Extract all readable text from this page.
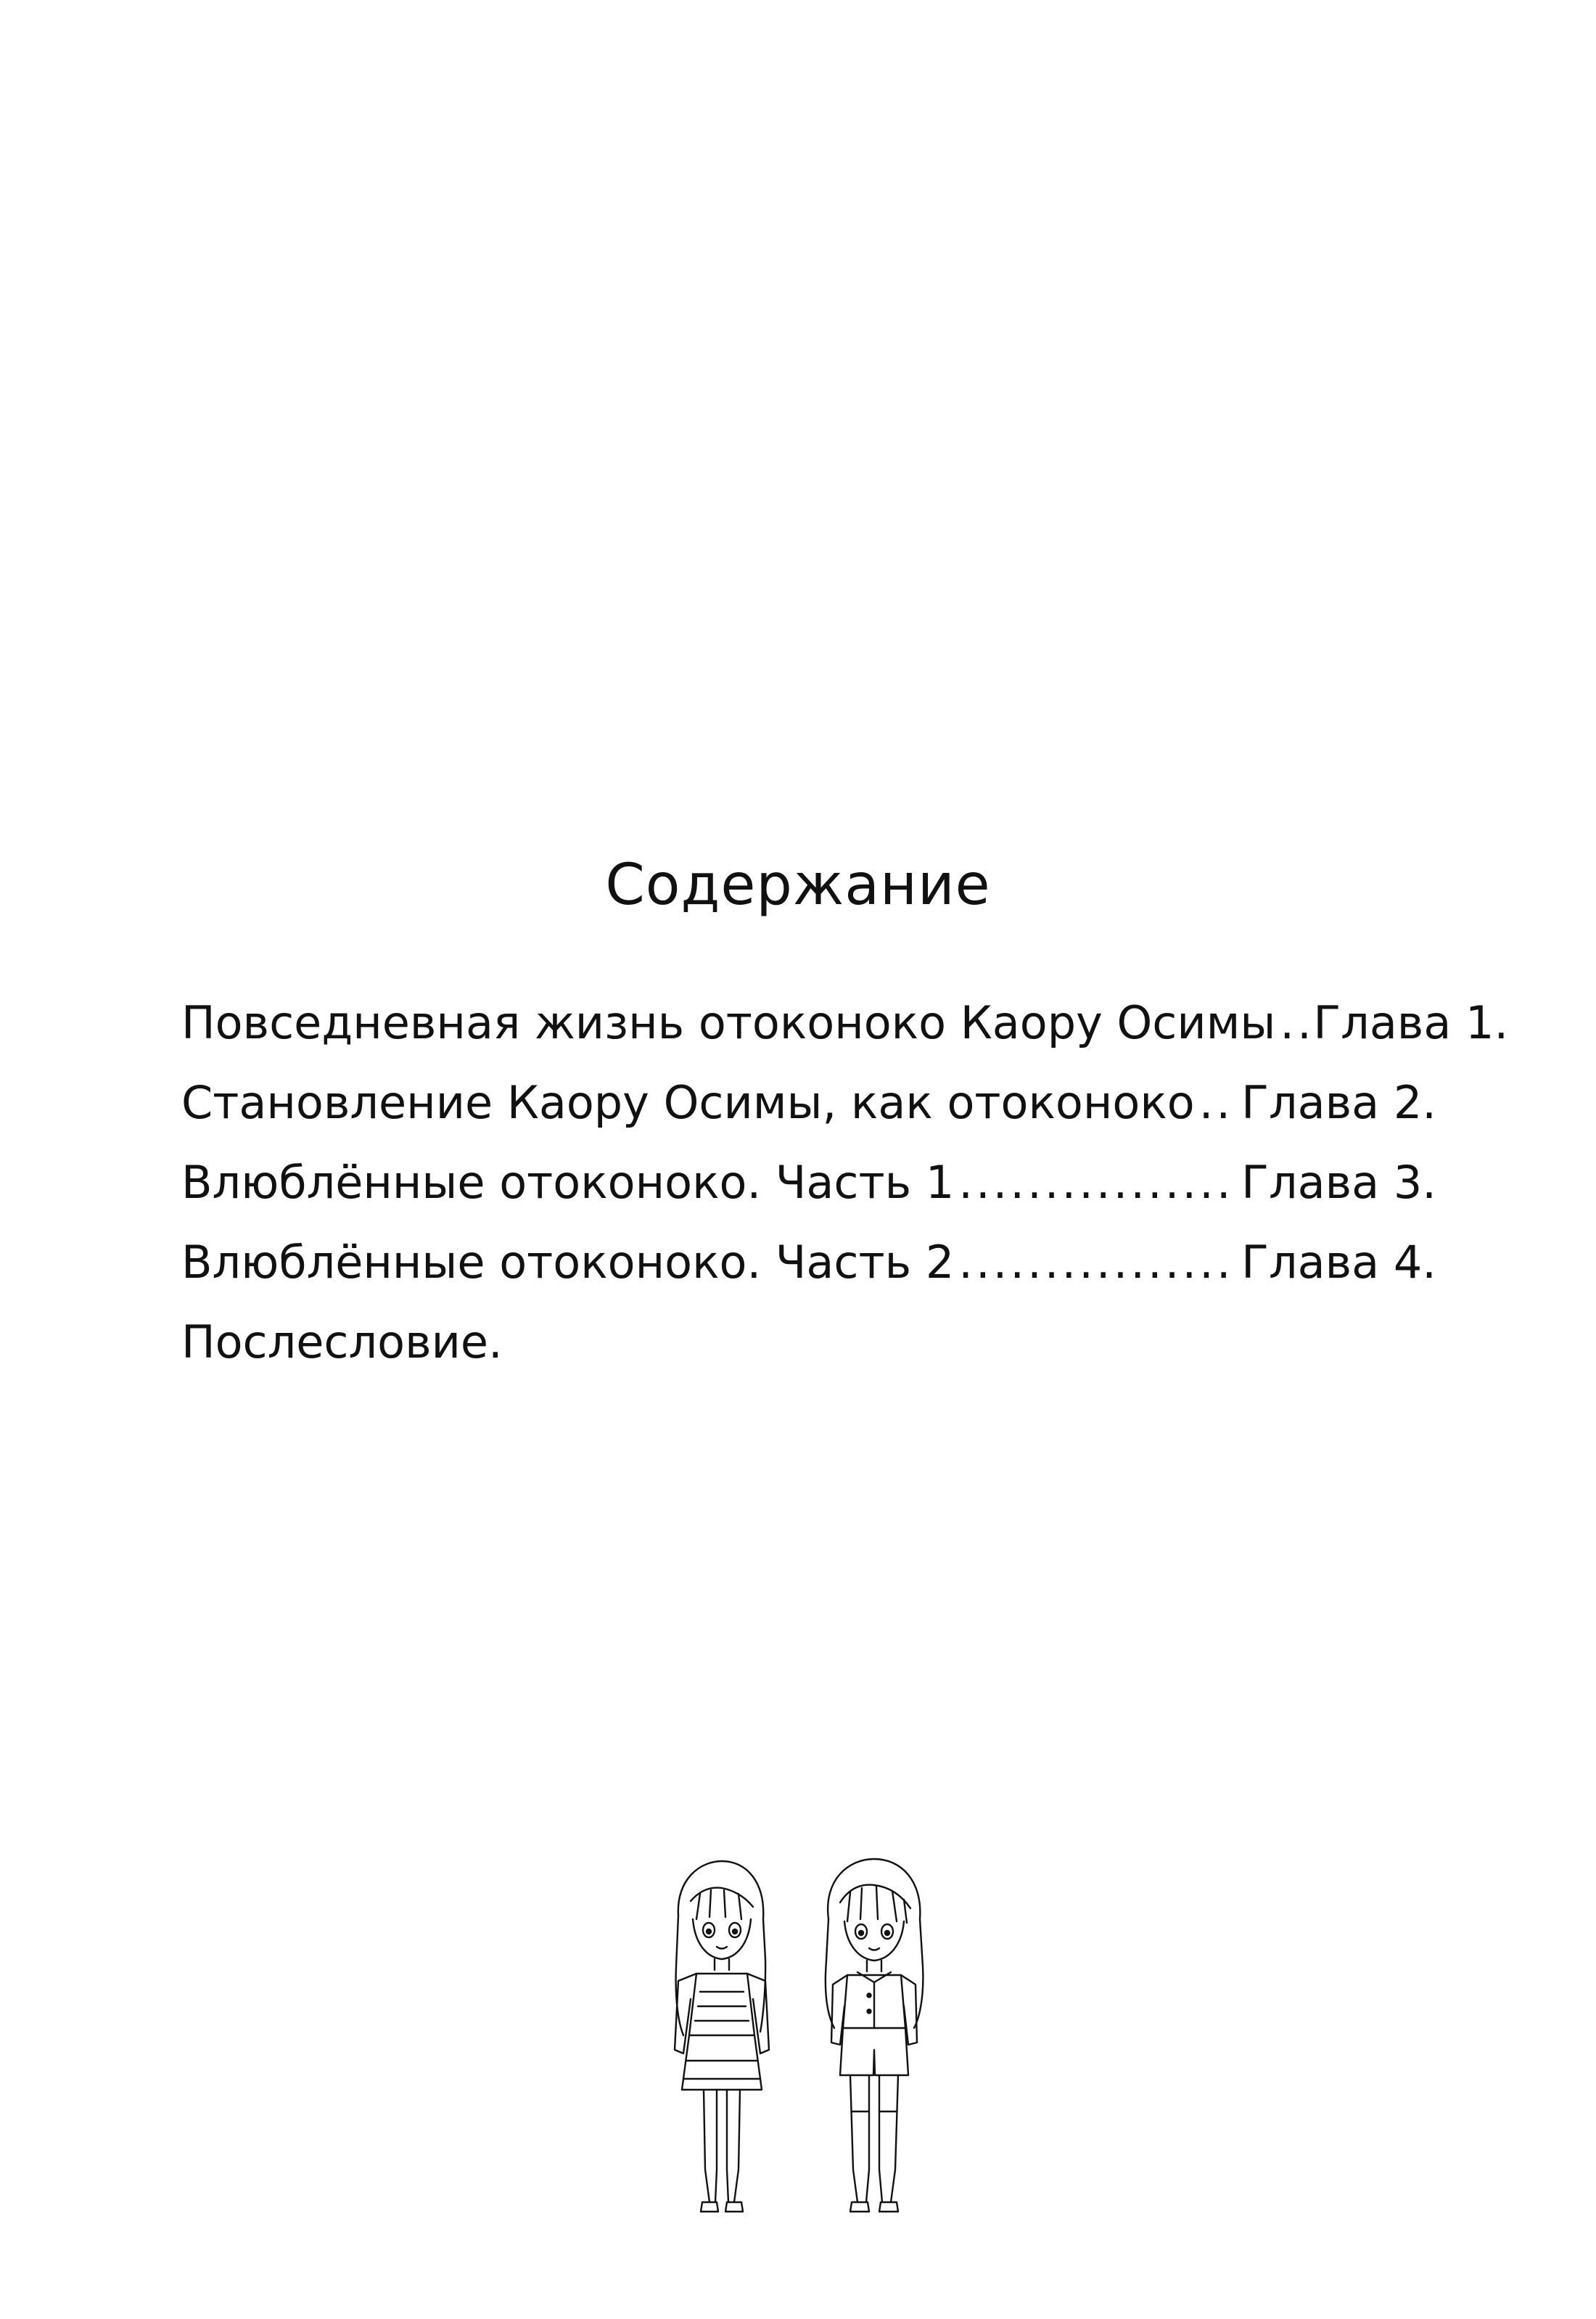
Содержание
Повседневная жизнь отоконоко Каору Осимы ..... Глава 1.
Становление Каору Осимы, как отоконоко ..... Глава 2.
Влюблённые отоконоко. Часть 1 .....	Глава 3.
Влюблённые отоконоко. Часть 2 .....	Глава 4.
Послесловие.
